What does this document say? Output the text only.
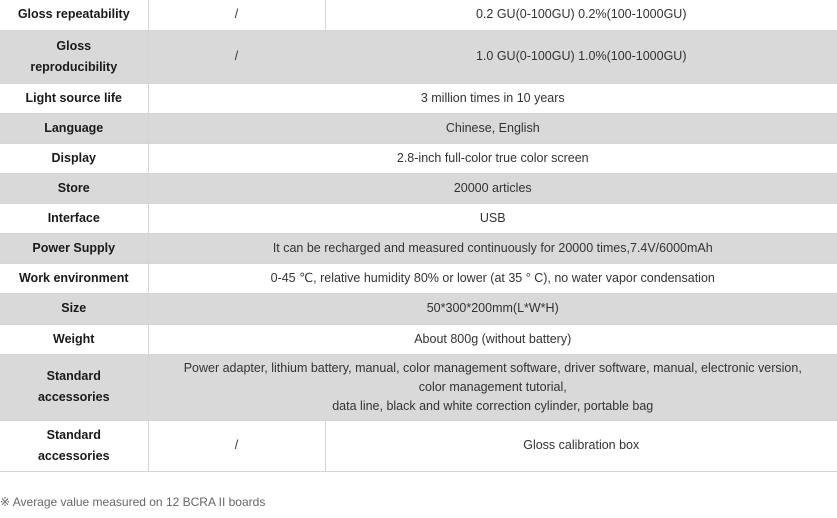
Gloss repeatability	/	0.2 GU(0-100GU) 0.2%(100-1000GU)

Gloss
reproducibility	/	1.0 GU(0-100GU) 1.0%(100-1000GU)
Light source life	3 million times in 10 years	
Language	Chinese, English	
Display	2.8-inch full-color true color screen	
Store	20000 articles	
Interface	USB	
Power Supply	It can be recharged and measured continuously for 20000 times,7.4V/6000mAh	
Work environment	0-45 ℃, relative humidity 80% or lower (at 35 ° C), no water vapor condensation	
Size	50*300*200mm(L*W*H)	
Weight	About 800g (without battery)	

Standard
accessories	Power adapter, lithium battery, manual, color management software, driver software, manual, electronic version,
color management tutorial,
data line, black and white correction cylinder, portable bag	

Standard
accessories	/	Gloss calibration box
※ Average value measured on 12 BCRA II boards
